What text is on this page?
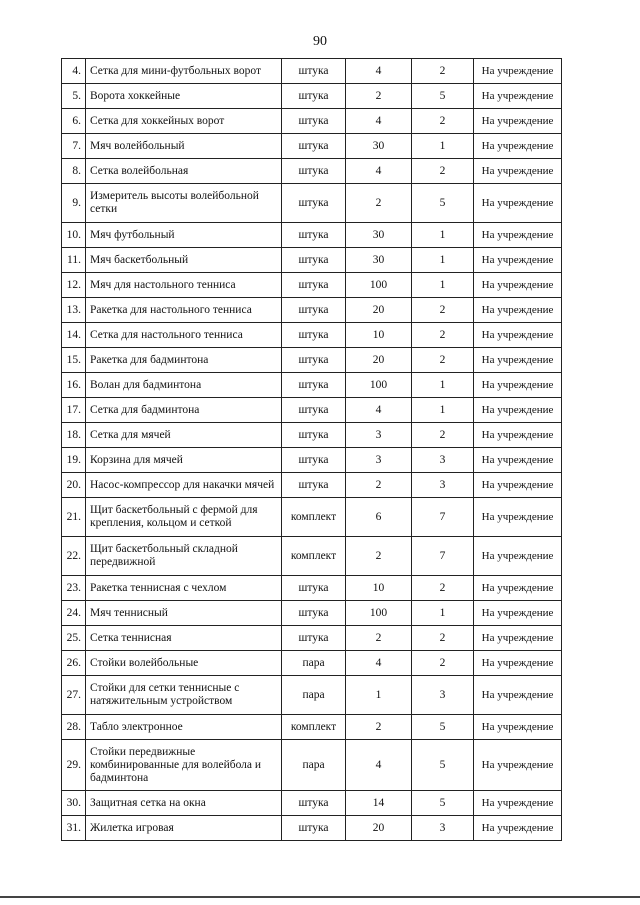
90
4.	Сетка для мини-футбольных ворот	штука	4	2	На учреждение
5.	Ворота хоккейные	штука	2	5	На учреждение
6.	Сетка для хоккейных ворот	штука	4	2	На учреждение
7.	Мяч волейбольный	штука	30	1	На учреждение
8.	Сетка волейбольная	штука	4	2	На учреждение
9.	Измеритель высоты волейбольной сетки	штука	2	5	На учреждение
10.	Мяч футбольный	штука	30	1	На учреждение
11.	Мяч баскетбольный	штука	30	1	На учреждение
12.	Мяч для настольного тенниса	штука	100	1	На учреждение
13.	Ракетка для настольного тенниса	штука	20	2	На учреждение
14.	Сетка для настольного тенниса	штука	10	2	На учреждение
15.	Ракетка для бадминтона	штука	20	2	На учреждение
16.	Волан для бадминтона	штука	100	1	На учреждение
17.	Сетка для бадминтона	штука	4	1	На учреждение
18.	Сетка для мячей	штука	3	2	На учреждение
19.	Корзина для мячей	штука	3	3	На учреждение
20.	Насос-компрессор для накачки мячей	штука	2	3	На учреждение
21.	Щит баскетбольный с фермой для крепления, кольцом и сеткой	комплект	6	7	На учреждение
22.	Щит баскетбольный складной передвижной	комплект	2	7	На учреждение
23.	Ракетка теннисная с чехлом	штука	10	2	На учреждение
24.	Мяч теннисный	штука	100	1	На учреждение
25.	Сетка теннисная	штука	2	2	На учреждение
26.	Стойки волейбольные	пара	4	2	На учреждение
27.	Стойки для сетки теннисные с натяжительным устройством	пара	1	3	На учреждение
28.	Табло электронное	комплект	2	5	На учреждение
29.	Стойки передвижные комбинированные для волейбола и бадминтона	пара	4	5	На учреждение
30.	Защитная сетка на окна	штука	14	5	На учреждение
31.	Жилетка игровая	штука	20	3	На учреждение
